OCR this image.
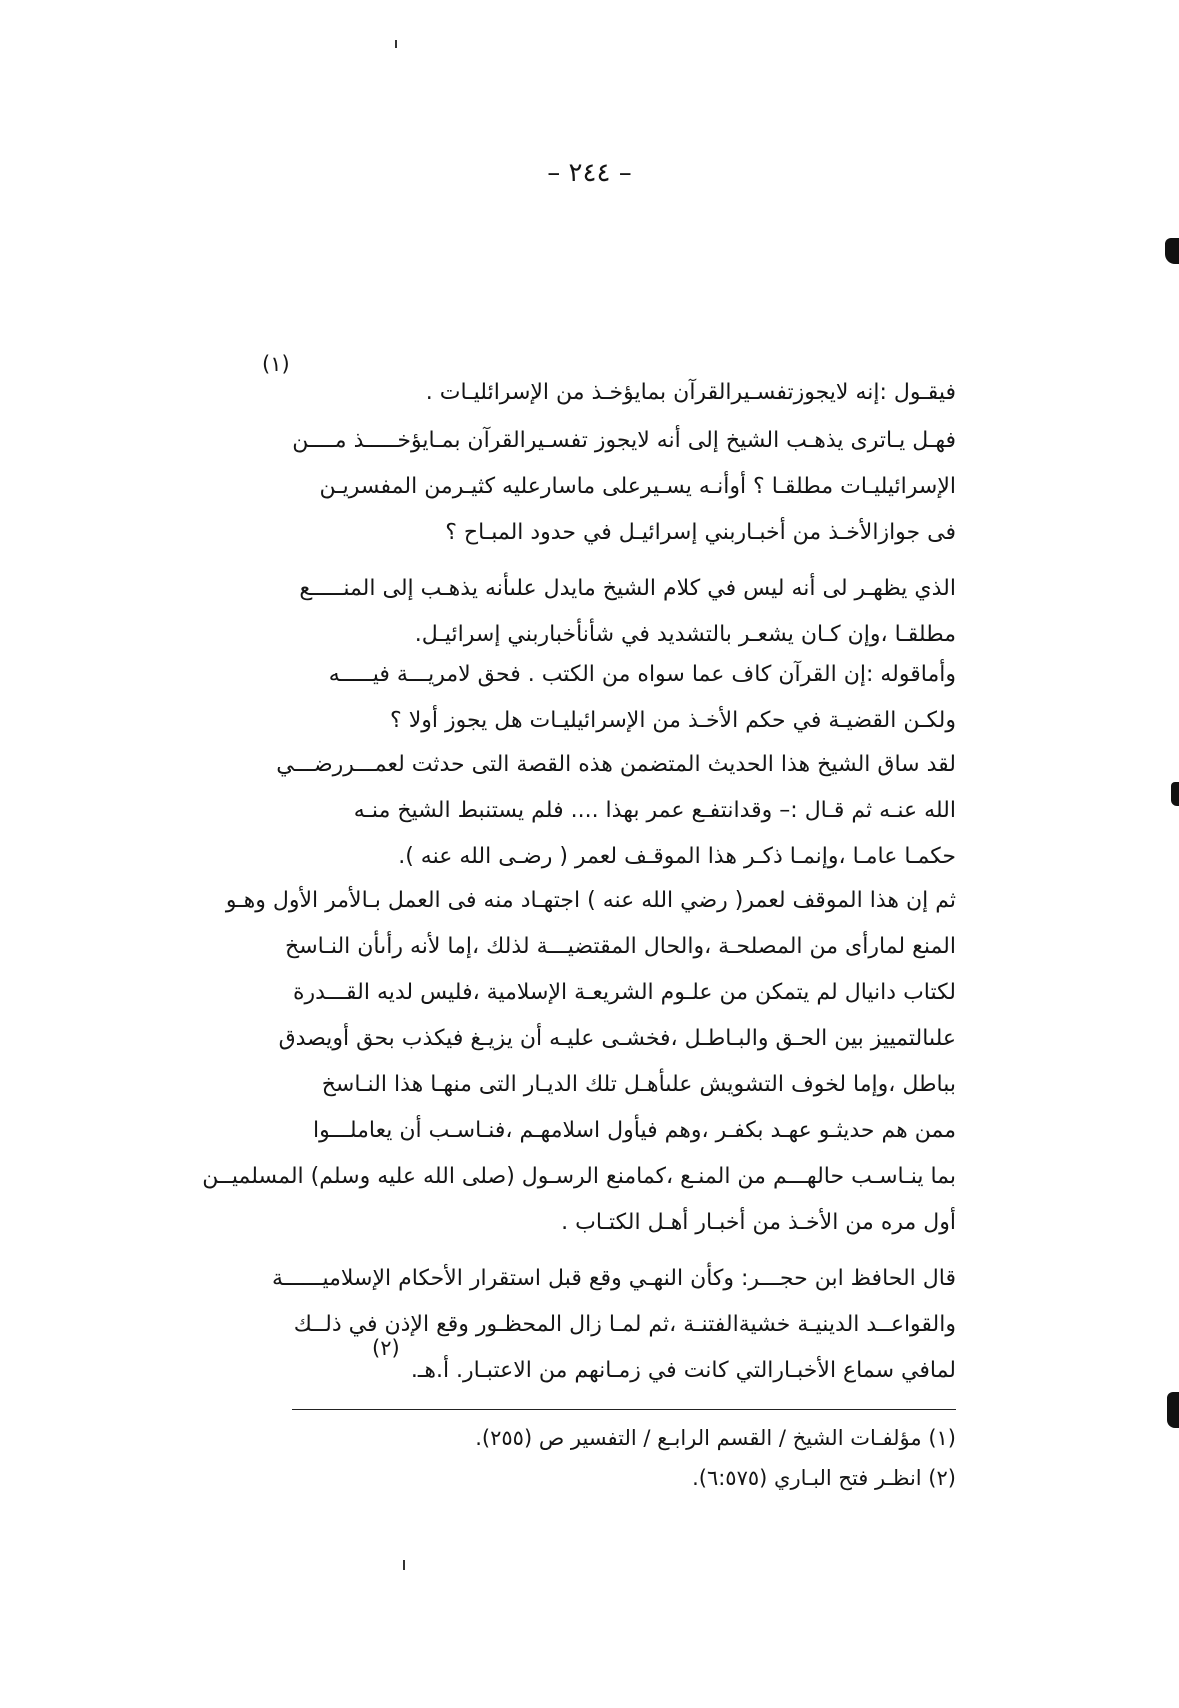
– ٢٤٤ –
(١)
فيقـول :إنه لايجوزتفسـيرالقرآن بمايؤخـذ من الإسرائليـات .
فهـل يـاترى يذهـب الشيخ إلى أنه لايجوز تفسـيرالقرآن بمـايؤخـــــذ مــــن
الإسرائيليـات مطلقـا ؟ أوأنـه يسـيرعلى ماسارعليه كثيـرمن المفسريـن
فى جوازالأخـذ من أخبـاربني إسرائيـل في حدود المبـاح ؟
الذي يظهـر لى أنه ليس في كلام الشيخ مايدل علىأنه يذهـب إلى المنـــــع
مطلقـا ،وإن كـان يشعـر بالتشديد في شأنأخباربني إسرائيـل.
وأماقوله :إن القرآن كاف عما سواه من الكتب . فحق لامريـــة فيـــــه
ولكـن القضيـة في حكم الأخـذ من الإسرائيليـات هل يجوز أولا ؟
لقد ساق الشيخ هذا الحديث المتضمن هذه القصة التى حدثت لعمـــررضـــي
الله عنـه ثم قـال :– وقدانتفـع عمر بهذا .... فلم يستنبط الشيخ منـه
حكمـا عامـا ،وإنمـا ذكـر هذا الموقـف لعمر ( رضـى الله عنه ).
ثم إن هذا الموقف لعمر( رضي الله عنه ) اجتهـاد منه فى العمل بـالأمر الأول وهـو
المنع لمارأى من المصلحـة ،والحال المقتضيـــة لذلك ،إما لأنه رأىأن النـاسخ
لكتاب دانيال لم يتمكن من علـوم الشريعـة الإسلامية ،فليس لديه القـــدرة
علىالتمييز بين الحـق والبـاطـل ،فخشـى عليـه أن يزيـغ فيكذب بحق أويصدق
بباطل ،وإما لخوف التشويش علىأهـل تلك الديـار التى منهـا هذا النـاسخ
ممن هم حديثـو عهـد بكفـر ،وهم فيأول اسلامهـم ،فنـاسـب أن يعاملـــوا
بما ينـاسـب حالهـــم من المنـع ،كمامنع الرسـول (صلى الله عليه وسلم) المسلميــن
أول مره من الأخـذ من أخبـار أهـل الكتـاب .
قال الحافظ ابن حجـــر: وكأن النهـي وقع قبل استقرار الأحكام الإسلاميــــــة
والقواعــد الدينيـة خشيةالفتنـة ،ثم لمـا زال المحظـور وقع الإذن في ذلــك
لمافي سماع الأخبـارالتي كانت في زمـانهم من الاعتبـار. أ.هـ.
(٢)
(١) مؤلفـات الشيخ / القسم الرابـع / التفسير ص (٢٥٥).
(٢) انظـر فتح البـاري (٦:٥٧٥).
